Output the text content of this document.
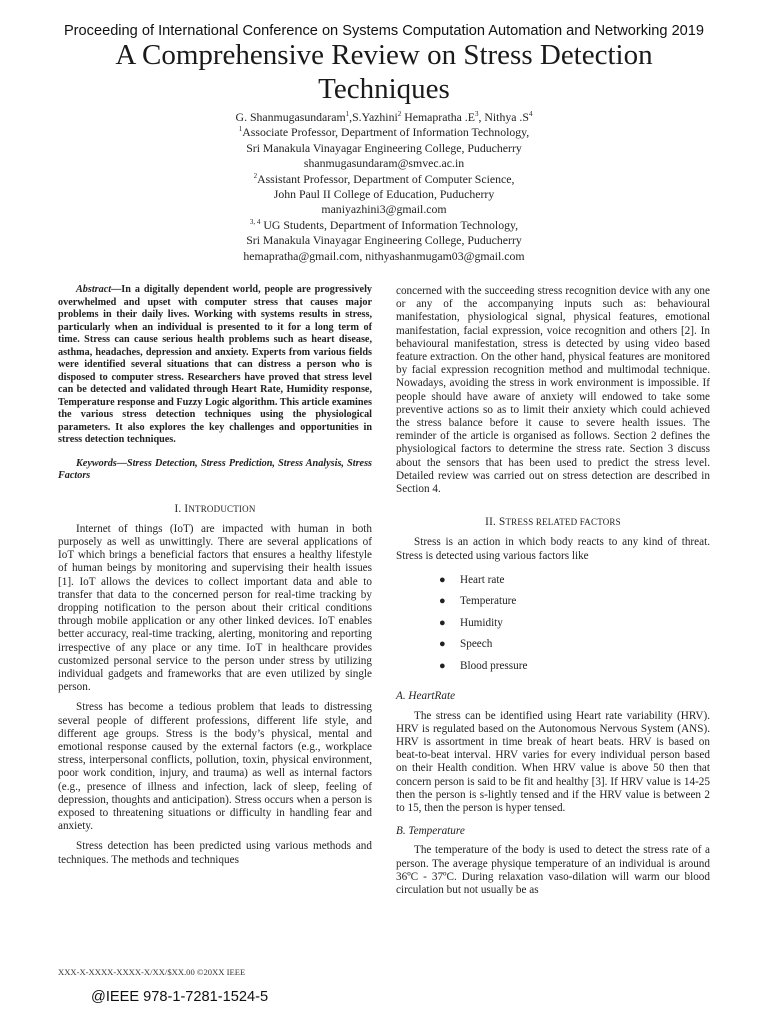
Proceeding of International Conference on Systems Computation Automation and Networking 2019
A Comprehensive Review on Stress Detection
Techniques
G. Shanmugasundaram$^1$,S.Yazhini$^2$ Hemapratha $.E^3$, Nithya $.S^4$
$^1$Associate Professor, Department of Information Technology,
Sri Manakula Vinayagar Engineering College, Puducherry
shanmugasundaram@smvec.ac.in
$^2$Assistant Professor, Department of Computer Science,
John Paul II College of Education, Puducherry
maniyazhini3@gmail.com
$^{3, 4}$ UG Students, Department of Information Technology,
Sri Manakula Vinayagar Engineering College, Puducherry
hemapratha@gmail.com, nithyashanmugam03@gmail.com

Abstract—In a digitally dependent world, people are progressively overwhelmed and upset with computer stress that causes major problems in their daily lives. Working with systems results in stress, particularly when an individual is presented to it for a long term of time. Stress can cause serious health problems such as heart disease, asthma, headaches, depression and anxiety. Experts from various fields were identified several situations that can distress a person who is disposed to computer stress. Researchers have proved that stress level can be detected and validated through Heart Rate, Humidity response, Temperature response and Fuzzy Logic algorithm. This article examines the various stress detection techniques using the physiological parameters. It also explores the key challenges and opportunities in stress detection techniques.

Keywords—Stress Detection, Stress Prediction, Stress Analysis, Stress Factors

I. INTRODUCTION

Internet of things (IoT) are impacted with human in both purposely as well as unwittingly. There are several applications of IoT which brings a beneficial factors that ensures a healthy lifestyle of human beings by monitoring and supervising their health issues [1]. IoT allows the devices to collect important data and able to transfer that data to the concerned person for real-time tracking by dropping notification to the person about their critical conditions through mobile application or any other linked devices. IoT enables better accuracy, real-time tracking, alerting, monitoring and reporting irrespective of any place or any time. IoT in healthcare provides customized personal service to the person under stress by utilizing individual gadgets and frameworks that are even utilized by single person.

Stress has become a tedious problem that leads to distressing several people of different professions, different life style, and different age groups. Stress is the body’s physical, mental and emotional response caused by the external factors (e.g., workplace stress, interpersonal conflicts, pollution, toxin, physical environment, poor work condition, injury, and trauma) as well as internal factors (e.g., presence of illness and infection, lack of sleep, feeling of depression, thoughts and anticipation). Stress occurs when a person is exposed to threatening situations or difficulty in handling fear and anxiety.

Stress detection has been predicted using various methods and techniques. The methods and techniques

concerned with the succeeding stress recognition device with any one or any of the accompanying inputs such as: behavioural manifestation, physiological signal, physical features, emotional manifestation, facial expression, voice recognition and others [2]. In behavioural manifestation, stress is detected by using video based feature extraction. On the other hand, physical features are monitored by facial expression recognition method and multimodal technique. Nowadays, avoiding the stress in work environment is impossible. If people should have aware of anxiety will endowed to take some preventive actions so as to limit their anxiety which could achieved the stress balance before it cause to severe health issues. The reminder of the article is organised as follows. Section 2 defines the physiological factors to determine the stress rate. Section 3 discuss about the sensors that has been used to predict the stress level. Detailed review was carried out on stress detection are described in Section 4.

II. STRESS RELATED FACTORS

Stress is an action in which body reacts to any kind of threat. Stress is detected using various factors like

● Heart rate
● Temperature
● Humidity
● Speech
● Blood pressure
A. HeartRate

The stress can be identified using Heart rate variability (HRV). HRV is regulated based on the Autonomous Nervous System (ANS). HRV is assortment in time break of heart beats. HRV is based on beat-to-beat interval. HRV varies for every individual person based on their Health condition. When HRV value is above 50 then that concern person is said to be fit and healthy [3]. If HRV value is 14-25 then the person is s-lightly tensed and if the HRV value is between 2 to 15, then the person is hyper tensed.

B. Temperature

The temperature of the body is used to detect the stress rate of a person. The average physique temperature of an individual is around 36ºC - 37ºC. During relaxation vaso-dilation will warm our blood circulation but not usually be as

XXX-X-XXXX-XXXX-X/XX/$XX.00 ©20XX IEEE
@IEEE 978-1-7281-1524-5
